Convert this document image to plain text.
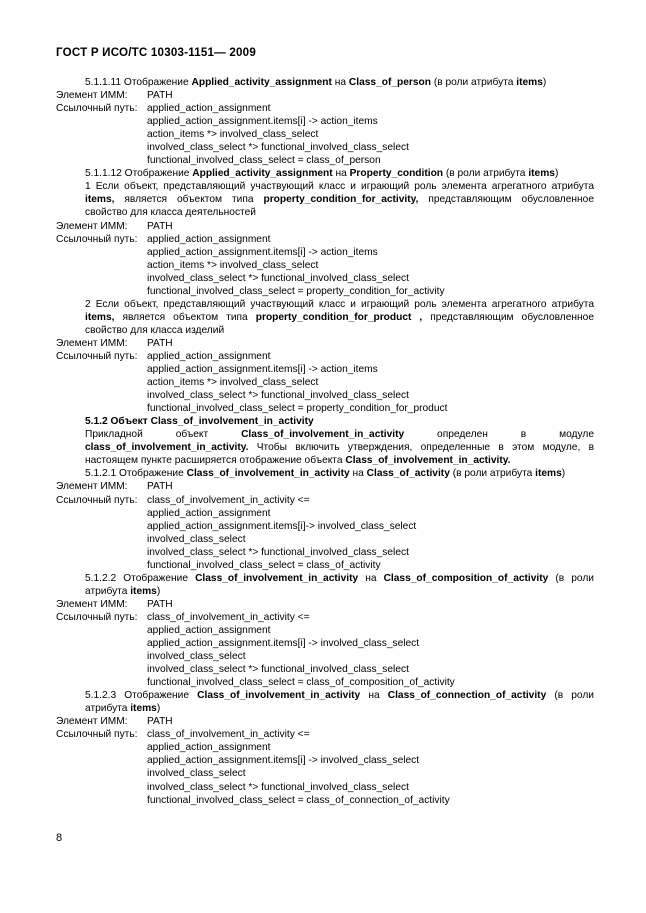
ГОСТ Р ИСО/ТС 10303-1151— 2009
5.1.1.11 Отображение Applied_activity_assignment на Class_of_person (в роли атрибута items)
Элемент ИММ: PATH
Ссылочный путь: applied_action_assignment
applied_action_assignment.items[i] -> action_items
action_items *> involved_class_select
involved_class_select *> functional_involved_class_select
functional_involved_class_select = class_of_person
5.1.1.12 Отображение Applied_activity_assignment на Property_condition (в роли атрибута items)
1 Если объект, представляющий участвующий класс и играющий роль элемента агрегатного атрибута items, является объектом типа property_condition_for_activity, представляющим обусловленное свойство для класса деятельностей
Элемент ИММ: PATH
Ссылочный путь: applied_action_assignment
applied_action_assignment.items[i] -> action_items
action_items *> involved_class_select
involved_class_select *> functional_involved_class_select
functional_involved_class_select = property_condition_for_activity
2 Если объект, представляющий участвующий класс и играющий роль элемента агрегатного атрибута items, является объектом типа property_condition_for_product , представляющим обусловленное свойство для класса изделий
Элемент ИММ: PATH
Ссылочный путь: applied_action_assignment
applied_action_assignment.items[i] -> action_items
action_items *> involved_class_select
involved_class_select *> functional_involved_class_select
functional_involved_class_select = property_condition_for_product
5.1.2 Объект Class_of_involvement_in_activity
Прикладной объект Class_of_involvement_in_activity определен в модуле class_of_involvement_in_activity. Чтобы включить утверждения, определенные в этом модуле, в настоящем пункте расширяется отображение объекта Class_of_involvement_in_activity.
5.1.2.1 Отображение Class_of_involvement_in_activity на Class_of_activity (в роли атрибута items)
Элемент ИММ: PATH
Ссылочный путь: class_of_involvement_in_activity <=
applied_action_assignment
applied_action_assignment.items[i]-> involved_class_select
involved_class_select
involved_class_select *> functional_involved_class_select
functional_involved_class_select = class_of_activity
5.1.2.2 Отображение Class_of_involvement_in_activity на Class_of_composition_of_activity (в роли атрибута items)
Элемент ИММ: PATH
Ссылочный путь: class_of_involvement_in_activity <=
applied_action_assignment
applied_action_assignment.items[i] -> involved_class_select
involved_class_select
involved_class_select *> functional_involved_class_select
functional_involved_class_select = class_of_composition_of_activity
5.1.2.3 Отображение Class_of_involvement_in_activity на Class_of_connection_of_activity (в роли атрибута items)
Элемент ИММ: PATH
Ссылочный путь: class_of_involvement_in_activity <=
applied_action_assignment
applied_action_assignment.items[i] -> involved_class_select
involved_class_select
involved_class_select *> functional_involved_class_select
functional_involved_class_select = class_of_connection_of_activity
8
